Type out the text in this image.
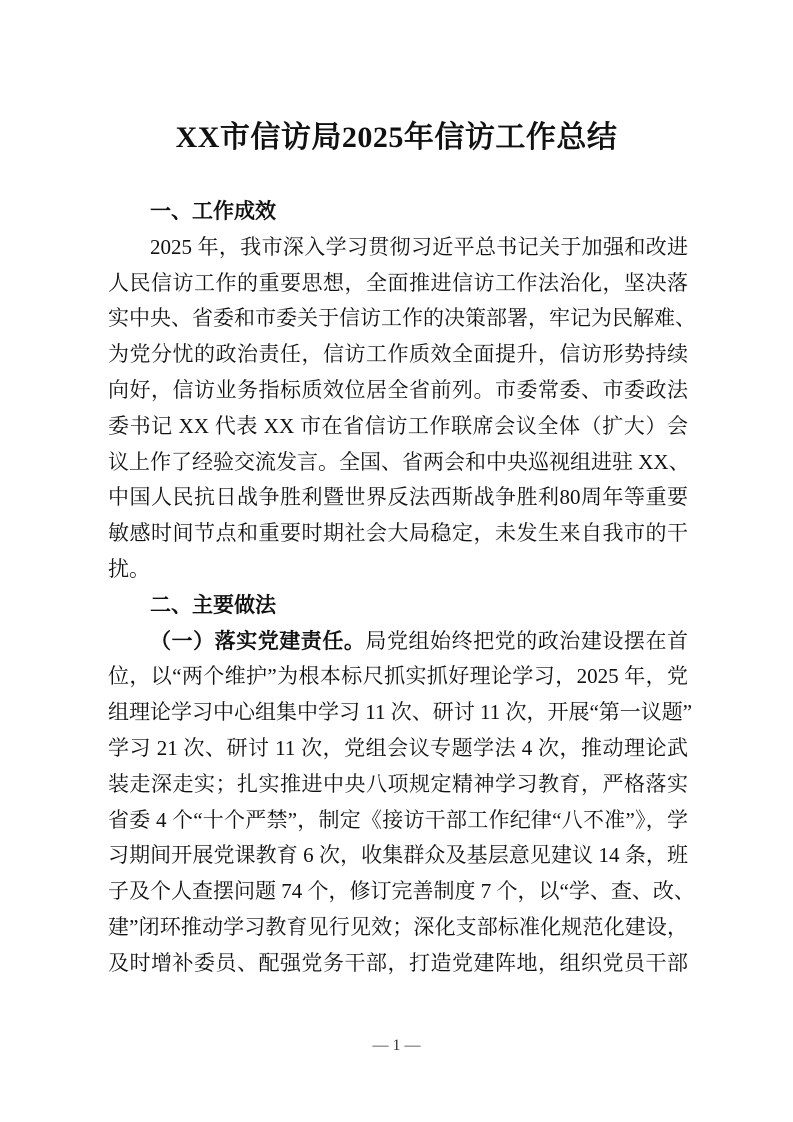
XX市信访局2025年信访工作总结
一、工作成效
2025 年，我市深入学习贯彻习近平总书记关于加强和改进
人民信访工作的重要思想，全面推进信访工作法治化，坚决落
实中央、省委和市委关于信访工作的决策部署，牢记为民解难、
为党分忧的政治责任，信访工作质效全面提升，信访形势持续
向好，信访业务指标质效位居全省前列。市委常委、市委政法
委书记 XX 代表 XX 市在省信访工作联席会议全体（扩大）会
议上作了经验交流发言。全国、省两会和中央巡视组进驻 XX、
中国人民抗日战争胜利暨世界反法西斯战争胜利80周年等重要
敏感时间节点和重要时期社会大局稳定，未发生来自我市的干
扰。
二、主要做法
（一）落实党建责任。局党组始终把党的政治建设摆在首
位，以“两个维护”为根本标尺抓实抓好理论学习，2025 年，党
组理论学习中心组集中学习 11 次、研讨 11 次，开展“第一议题”
学习 21 次、研讨 11 次，党组会议专题学法 4 次，推动理论武
装走深走实；扎实推进中央八项规定精神学习教育，严格落实
省委 4 个“十个严禁”，制定《接访干部工作纪律“八不准”》，学
习期间开展党课教育 6 次，收集群众及基层意见建议 14 条，班
子及个人查摆问题 74 个，修订完善制度 7 个，以“学、查、改、
建”闭环推动学习教育见行见效；深化支部标准化规范化建设，
及时增补委员、配强党务干部，打造党建阵地，组织党员干部
— 1 —
